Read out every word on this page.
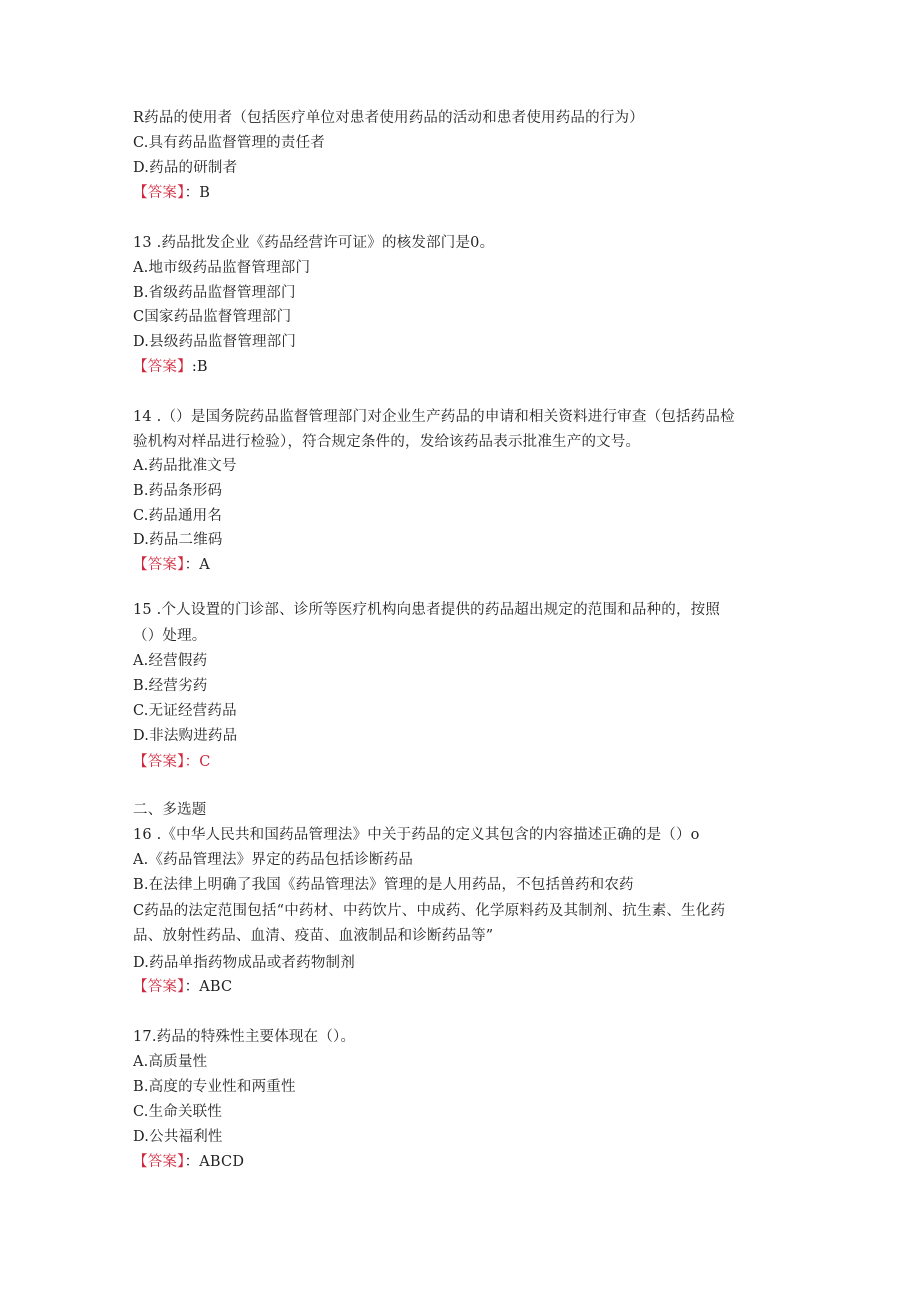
R药品的使用者（包括医疗单位对患者使用药品的活动和患者使用药品的行为）
C.具有药品监督管理的责任者
D.药品的研制者
【答案】：B
13 .药品批发企业《药品经营许可证》的核发部门是0。
A.地市级药品监督管理部门
B.省级药品监督管理部门
C国家药品监督管理部门
D.县级药品监督管理部门
【答案】:B
14 .（）是国务院药品监督管理部门对企业生产药品的申请和相关资料进行审查（包括药品检
验机构对样品进行检验），符合规定条件的，发给该药品表示批准生产的文号。
A.药品批准文号
B.药品条形码
C.药品通用名
D.药品二维码
【答案】：A
15 .个人设置的门诊部、诊所等医疗机构向患者提供的药品超出规定的范围和品种的，按照
（）处理。
A.经营假药
B.经营劣药
C.无证经营药品
D.非法购进药品
【答案】：C
二、多选题
16 .《中华人民共和国药品管理法》中关于药品的定义其包含的内容描述正确的是（）o
A.《药品管理法》界定的药品包括诊断药品
B.在法律上明确了我国《药品管理法》管理的是人用药品，不包括兽药和农药
C药品的法定范围包括“中药材、中药饮片、中成药、化学原料药及其制剂、抗生素、生化药
品、放射性药品、血清、疫苗、血液制品和诊断药品等”
D.药品单指药物成品或者药物制剂
【答案】：ABC
17.药品的特殊性主要体现在（）。
A.高质量性
B.高度的专业性和两重性
C.生命关联性
D.公共福利性
【答案】：ABCD
